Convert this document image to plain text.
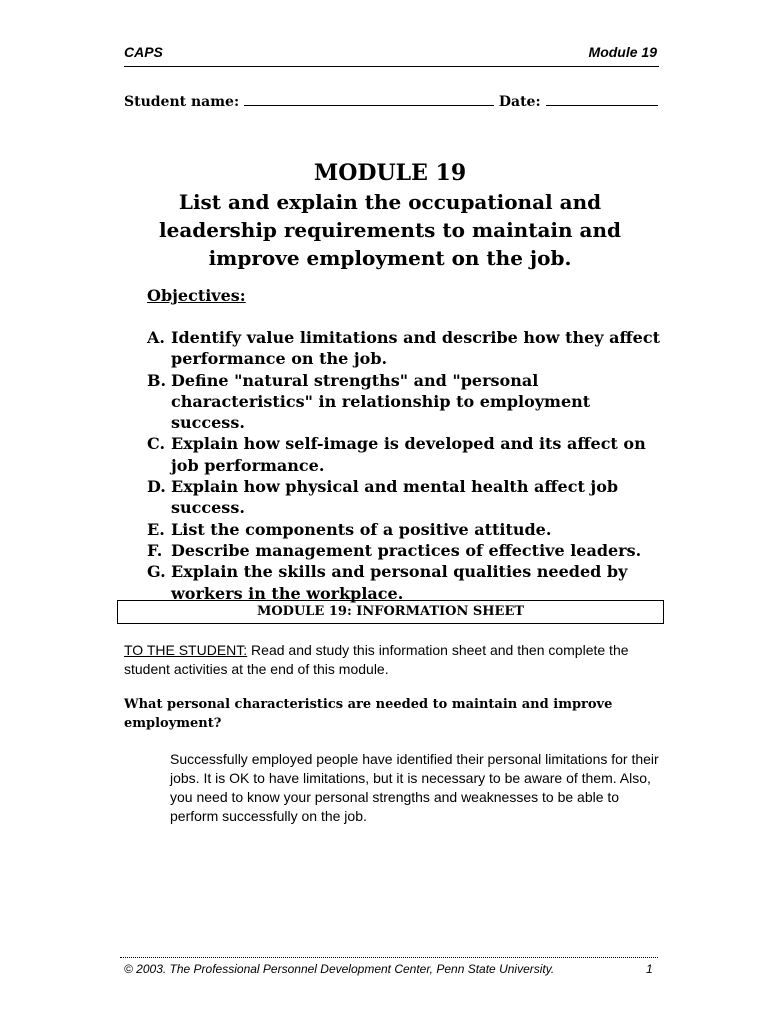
CAPS	Module 19
Student name:	Date:
MODULE 19
List and explain the occupational and
leadership requirements to maintain and
improve employment on the job.
Objectives:
A. Identify value limitations and describe how they affect performance on the job.
B. Define "natural strengths" and "personal characteristics" in relationship to employment success.
C. Explain how self-image is developed and its affect on job performance.
D. Explain how physical and mental health affect job success.
E. List the components of a positive attitude.
F. Describe management practices of effective leaders.
G. Explain the skills and personal qualities needed by workers in the workplace.
MODULE 19: INFORMATION SHEET
TO THE STUDENT: Read and study this information sheet and then complete the student activities at the end of this module.
What personal characteristics are needed to maintain and improve employment?
Successfully employed people have identified their personal limitations for their jobs. It is OK to have limitations, but it is necessary to be aware of them. Also, you need to know your personal strengths and weaknesses to be able to perform successfully on the job.
© 2003. The Professional Personnel Development Center, Penn State University.	1
